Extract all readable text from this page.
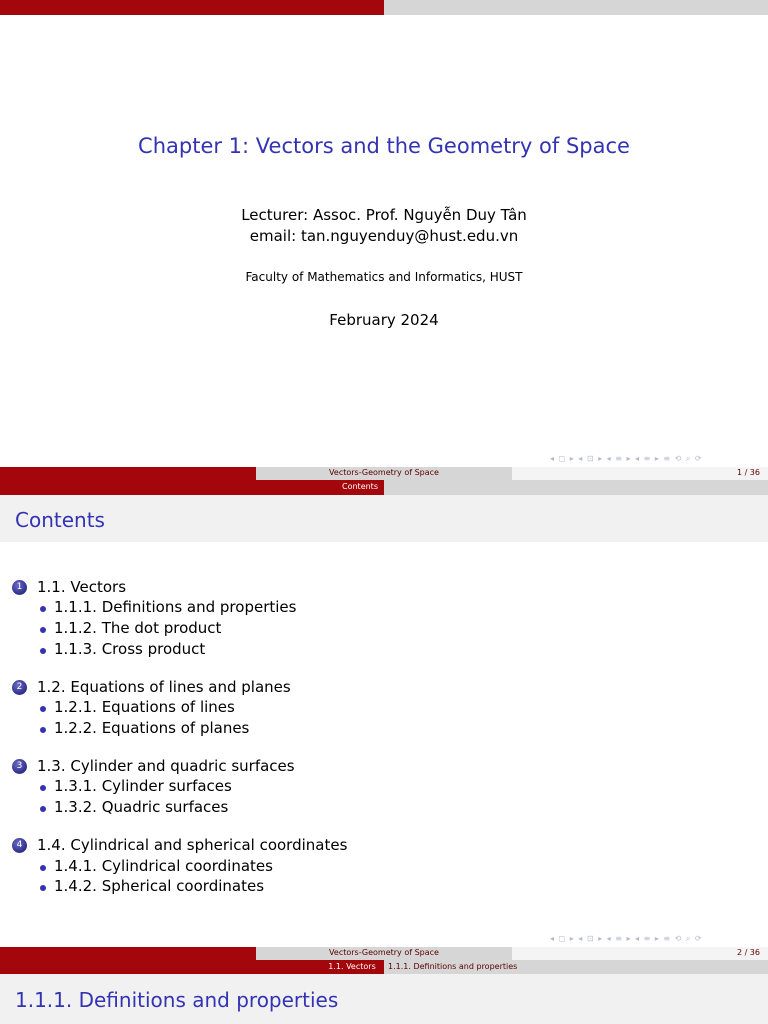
Chapter 1: Vectors and the Geometry of Space
Lecturer: Assoc. Prof. Nguyễn Duy Tân
email: tan.nguyenduy@hust.edu.vn
Faculty of Mathematics and Informatics, HUST
February 2024
◂ ◻ ▸ ◂ ⊡ ▸ ◂ ≡ ▸ ◂ ≡ ▸ ≡ ⟲ ⌕ ⟳
Vectors-Geometry of Space	1 / 36
Contents
Contents
1 1.1. Vectors
1.1.1. Definitions and properties
1.1.2. The dot product
1.1.3. Cross product
2 1.2. Equations of lines and planes
1.2.1. Equations of lines
1.2.2. Equations of planes
3 1.3. Cylinder and quadric surfaces
1.3.1. Cylinder surfaces
1.3.2. Quadric surfaces
4 1.4. Cylindrical and spherical coordinates
1.4.1. Cylindrical coordinates
1.4.2. Spherical coordinates
◂ ◻ ▸ ◂ ⊡ ▸ ◂ ≡ ▸ ◂ ≡ ▸ ≡ ⟲ ⌕ ⟳
Vectors-Geometry of Space	2 / 36
1.1. Vectors	1.1.1. Definitions and properties
1.1.1. Definitions and properties
